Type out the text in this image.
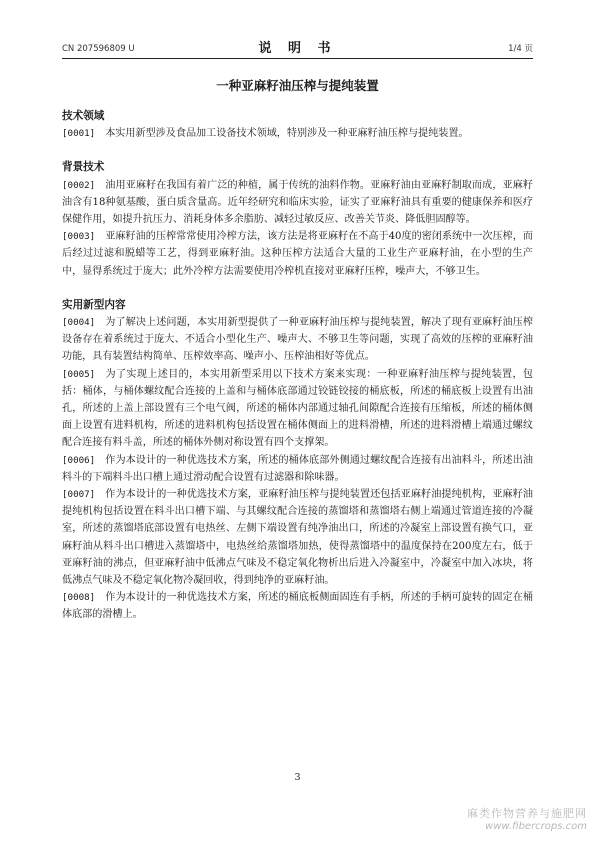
CN 207596809 U	说 明 书	1/4 页
一种亚麻籽油压榨与提纯装置

技术领域

[0001] 本实用新型涉及食品加工设备技术领域，特别涉及一种亚麻籽油压榨与提纯装置。

背景技术

[0002] 油用亚麻籽在我国有着广泛的种植，属于传统的油料作物。亚麻籽油由亚麻籽制取而成，亚麻籽油含有18种氨基酸，蛋白质含量高。近年经研究和临床实验，证实了亚麻籽油具有重要的健康保养和医疗保健作用，如提升抗压力、消耗身体多余脂肪、减轻过敏反应、改善关节炎、降低胆固醇等。

[0003] 亚麻籽油的压榨常常使用冷榨方法，该方法是将亚麻籽在不高于40度的密闭系统中一次压榨，而后经过过滤和脱蜡等工艺，得到亚麻籽油。这种压榨方法适合大量的工业生产亚麻籽油，在小型的生产中，显得系统过于庞大；此外冷榨方法需要使用冷榨机直接对亚麻籽压榨，噪声大，不够卫生。

实用新型内容

[0004] 为了解决上述问题，本实用新型提供了一种亚麻籽油压榨与提纯装置，解决了现有亚麻籽油压榨设备存在着系统过于庞大、不适合小型化生产、噪声大、不够卫生等问题，实现了高效的压榨的亚麻籽油功能，具有装置结构简单、压榨效率高、噪声小、压榨油相好等优点。

[0005] 为了实现上述目的，本实用新型采用以下技术方案来实现：一种亚麻籽油压榨与提纯装置，包括：桶体，与桶体螺纹配合连接的上盖和与桶体底部通过铰链铰接的桶底板，所述的桶底板上设置有出油孔，所述的上盖上部设置有三个电气阀，所述的桶体内部通过轴孔间隙配合连接有压缩板，所述的桶体侧面上设置有进料机构，所述的进料机构包括设置在桶体侧面上的进料滑槽，所述的进料滑槽上端通过螺纹配合连接有料斗盖，所述的桶体外侧对称设置有四个支撑架。

[0006] 作为本设计的一种优选技术方案，所述的桶体底部外侧通过螺纹配合连接有出油料斗，所述出油料斗的下端料斗出口槽上通过滑动配合设置有过滤器和除味器。

[0007] 作为本设计的一种优选技术方案，亚麻籽油压榨与提纯装置还包括亚麻籽油提纯机构，亚麻籽油提纯机构包括设置在料斗出口槽下端、与其螺纹配合连接的蒸馏塔和蒸馏塔右侧上端通过管道连接的冷凝室，所述的蒸馏塔底部设置有电热丝、左侧下端设置有纯净油出口，所述的冷凝室上部设置有换气口，亚麻籽油从料斗出口槽进入蒸馏塔中，电热丝给蒸馏塔加热，使得蒸馏塔中的温度保持在200度左右，低于亚麻籽油的沸点，但亚麻籽油中低沸点气味及不稳定氧化物析出后进入冷凝室中，冷凝室中加入冰块，将低沸点气味及不稳定氧化物冷凝回收，得到纯净的亚麻籽油。

[0008] 作为本设计的一种优选技术方案，所述的桶底板侧面固连有手柄，所述的手柄可旋转的固定在桶体底部的滑槽上。

3
麻类作物营养与施肥网
www.fibercrops.com
